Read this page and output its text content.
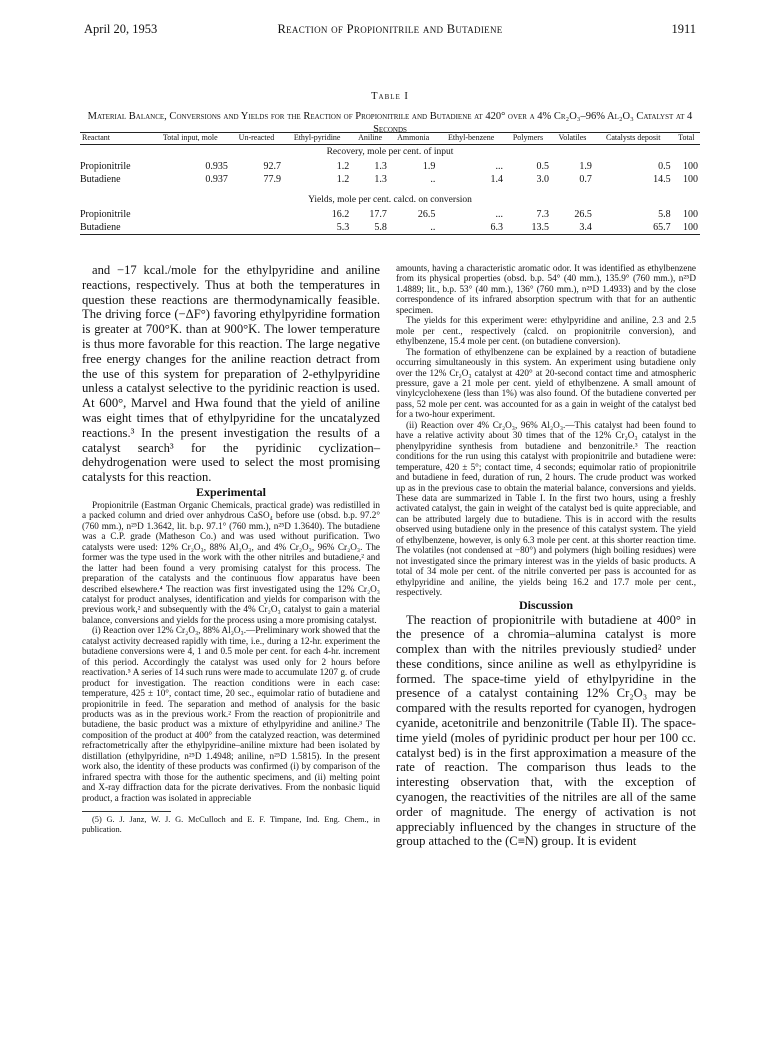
April 20, 1953	Reaction of Propionitrile and Butadiene	1911
Table I
Material Balance, Conversions and Yields for the Reaction of Propionitrile and Butadiene at 420° over a 4% Cr₂O₃–96% Al₂O₃ Catalyst at 4 Seconds
Reactant	Total input, mole	Un-reacted	Ethyl-pyridine	Aniline	Ammonia	Ethyl-benzene	Polymers	Volatiles	Catalysts deposit	Total
Recovery, mole per cent. of input										
Propionitrile	0.935	92.7	1.2	1.3	1.9	...	0.5	1.9	0.5	100
Butadiene	0.937	77.9	1.2	1.3	..	1.4	3.0	0.7	14.5	100

Yields, mole per cent. calcd. on conversion										
Propionitrile			16.2	17.7	26.5	...	7.3	26.5	5.8	100
Butadiene			5.3	5.8	..	6.3	13.5	3.4	65.7	100

and −17 kcal./mole for the ethylpyridine and aniline reactions, respectively. Thus at both the temperatures in question these reactions are thermodynamically feasible. The driving force (−ΔF°) favoring ethylpyridine formation is greater at 700°K. than at 900°K. The lower temperature is thus more favorable for this reaction. The large negative free energy changes for the aniline reaction detract from the use of this system for preparation of 2-ethylpyridine unless a catalyst selective to the pyridinic reaction is used. At 600°, Marvel and Hwa found that the yield of aniline was eight times that of ethylpyridine for the uncatalyzed reactions.³ In the present investigation the results of a catalyst search³ for the pyridinic cyclization–dehydrogenation were used to select the most promising catalysts for this reaction.

Experimental

Propionitrile (Eastman Organic Chemicals, practical grade) was redistilled in a packed column and dried over anhydrous CaSO₄ before use (obsd. b.p. 97.2° (760 mm.), n²⁵D 1.3642, lit. b.p. 97.1° (760 mm.), n²⁵D 1.3640). The butadiene was a C.P. grade (Matheson Co.) and was used without purification. Two catalysts were used: 12% Cr₂O₃, 88% Al₂O₃, and 4% Cr₂O₃, 96% Cr₂O₃. The former was the type used in the work with the other nitriles and butadiene,² and the latter had been found a very promising catalyst for this process. The preparation of the catalysts and the continuous flow apparatus have been described elsewhere.⁴ The reaction was first investigated using the 12% Cr₂O₃ catalyst for product analyses, identification and yields for comparison with the previous work,² and subsequently with the 4% Cr₂O₃ catalyst to gain a material balance, conversions and yields for the process using a more promising catalyst.

(i) Reaction over 12% Cr₂O₃, 88% Al₂O₃.—Preliminary work showed that the catalyst activity decreased rapidly with time, i.e., during a 12-hr. experiment the butadiene conversions were 4, 1 and 0.5 mole per cent. for each 4-hr. increment of this period. Accordingly the catalyst was used only for 2 hours before reactivation.⁵ A series of 14 such runs were made to accumulate 1207 g. of crude product for investigation. The reaction conditions were in each case: temperature, 425 ± 10°, contact time, 20 sec., equimolar ratio of butadiene and propionitrile in feed. The separation and method of analysis for the basic products was as in the previous work.² From the reaction of propionitrile and butadiene, the basic product was a mixture of ethylpyridine and aniline.³ The composition of the product at 400° from the catalyzed reaction, was determined refractometrically after the ethylpyridine–aniline mixture had been isolated by distillation (ethylpyridine, n²⁵D 1.4948; aniline, n²⁵D 1.5815). In the present work also, the identity of these products was confirmed (i) by comparison of the infrared spectra with those for the authentic specimens, and (ii) melting point and X-ray diffraction data for the picrate derivatives. From the nonbasic liquid product, a fraction was isolated in appreciable

(5) G. J. Janz, W. J. G. McCulloch and E. F. Timpane, Ind. Eng. Chem., in publication.

amounts, having a characteristic aromatic odor. It was identified as ethylbenzene from its physical properties (obsd. b.p. 54° (40 mm.), 135.9° (760 mm.), n²⁵D 1.4889; lit., b.p. 53° (40 mm.), 136° (760 mm.), n²⁵D 1.4933) and by the close correspondence of its infrared absorption spectrum with that for an authentic specimen.

The yields for this experiment were: ethylpyridine and aniline, 2.3 and 2.5 mole per cent., respectively (calcd. on propionitrile conversion), and ethylbenzene, 15.4 mole per cent. (on butadiene conversion).

The formation of ethylbenzene can be explained by a reaction of butadiene occurring simultaneously in this system. An experiment using butadiene only over the 12% Cr₂O₃ catalyst at 420° at 20-second contact time and atmospheric pressure, gave a 21 mole per cent. yield of ethylbenzene. A small amount of vinylcyclohexene (less than 1%) was also found. Of the butadiene converted per pass, 52 mole per cent. was accounted for as a gain in weight of the catalyst bed for a two-hour experiment.

(ii) Reaction over 4% Cr₂O₃, 96% Al₂O₃.—This catalyst had been found to have a relative activity about 30 times that of the 12% Cr₂O₃ catalyst in the phenylpyridine synthesis from butadiene and benzonitrile.³ The reaction conditions for the run using this catalyst with propionitrile and butadiene were: temperature, 420 ± 5°; contact time, 4 seconds; equimolar ratio of propionitrile and butadiene in feed, duration of run, 2 hours. The crude product was worked up as in the previous case to obtain the material balance, conversions and yields. These data are summarized in Table I. In the first two hours, using a freshly activated catalyst, the gain in weight of the catalyst bed is quite appreciable, and can be attributed largely due to butadiene. This is in accord with the results observed using butadiene only in the presence of this catalyst system. The yield of ethylbenzene, however, is only 6.3 mole per cent. at this shorter reaction time. The volatiles (not condensed at −80°) and polymers (high boiling residues) were not investigated since the primary interest was in the yields of basic products. A total of 34 mole per cent. of the nitrile converted per pass is accounted for as ethylpyridine and aniline, the yields being 16.2 and 17.7 mole per cent., respectively.

Discussion

The reaction of propionitrile with butadiene at 400° in the presence of a chromia–alumina catalyst is more complex than with the nitriles previously studied² under these conditions, since aniline as well as ethylpyridine is formed. The space-time yield of ethylpyridine in the presence of a catalyst containing 12% Cr₂O₃ may be compared with the results reported for cyanogen, hydrogen cyanide, acetonitrile and benzonitrile (Table II). The space-time yield (moles of pyridinic product per hour per 100 cc. catalyst bed) is in the first approximation a measure of the rate of reaction. The comparison thus leads to the interesting observation that, with the exception of cyanogen, the reactivities of the nitriles are all of the same order of magnitude. The energy of activation is not appreciably influenced by the changes in structure of the group attached to the (C≡N) group. It is evident
